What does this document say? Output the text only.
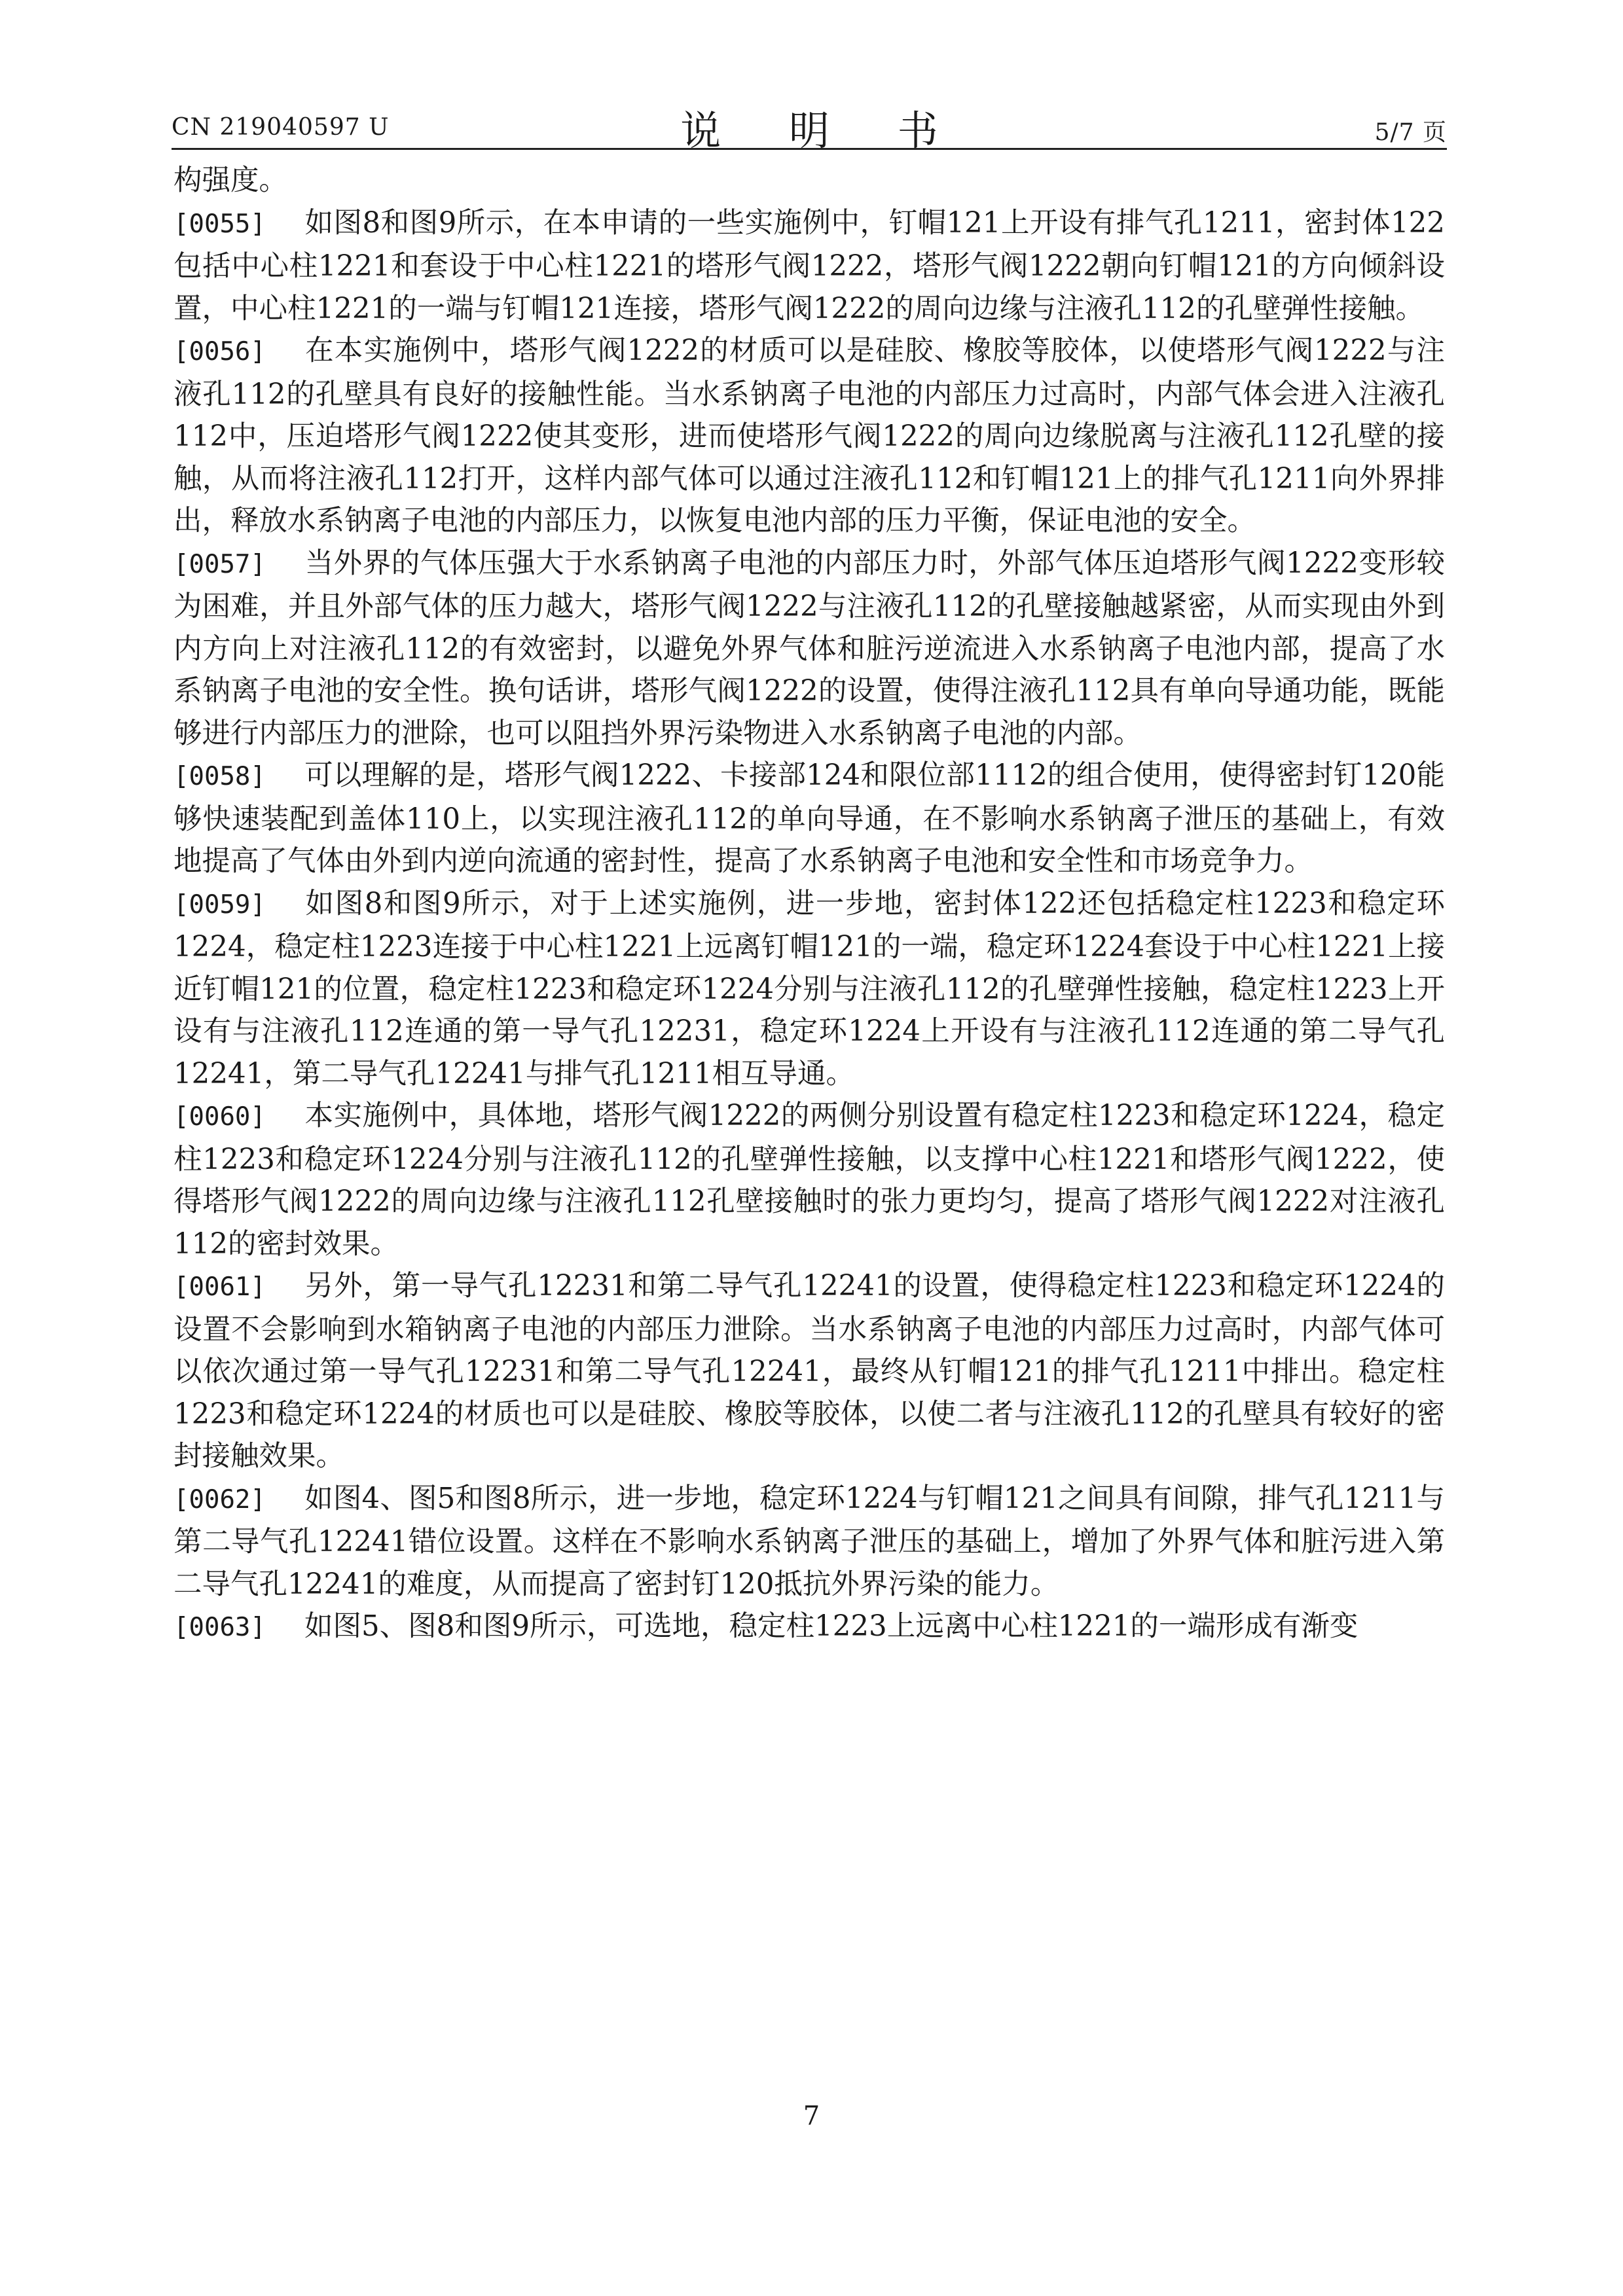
CN 219040597 U	说 明 书	5/7 页

构强度。

[0055] 如图8和图9所示，在本申请的一些实施例中，钉帽121上开设有排气孔1211，密封体122包括中心柱1221和套设于中心柱1221的塔形气阀1222，塔形气阀1222朝向钉帽121的方向倾斜设置，中心柱1221的一端与钉帽121连接，塔形气阀1222的周向边缘与注液孔112的孔壁弹性接触。

[0056] 在本实施例中，塔形气阀1222的材质可以是硅胶、橡胶等胶体，以使塔形气阀1222与注液孔112的孔壁具有良好的接触性能。当水系钠离子电池的内部压力过高时，内部气体会进入注液孔112中，压迫塔形气阀1222使其变形，进而使塔形气阀1222的周向边缘脱离与注液孔112孔壁的接触，从而将注液孔112打开，这样内部气体可以通过注液孔112和钉帽121上的排气孔1211向外界排出，释放水系钠离子电池的内部压力，以恢复电池内部的压力平衡，保证电池的安全。

[0057] 当外界的气体压强大于水系钠离子电池的内部压力时，外部气体压迫塔形气阀1222变形较为困难，并且外部气体的压力越大，塔形气阀1222与注液孔112的孔壁接触越紧密，从而实现由外到内方向上对注液孔112的有效密封，以避免外界气体和脏污逆流进入水系钠离子电池内部，提高了水系钠离子电池的安全性。换句话讲，塔形气阀1222的设置，使得注液孔112具有单向导通功能，既能够进行内部压力的泄除，也可以阻挡外界污染物进入水系钠离子电池的内部。

[0058] 可以理解的是，塔形气阀1222、卡接部124和限位部1112的组合使用，使得密封钉120能够快速装配到盖体110上，以实现注液孔112的单向导通，在不影响水系钠离子泄压的基础上，有效地提高了气体由外到内逆向流通的密封性，提高了水系钠离子电池和安全性和市场竞争力。

[0059] 如图8和图9所示，对于上述实施例，进一步地，密封体122还包括稳定柱1223和稳定环1224，稳定柱1223连接于中心柱1221上远离钉帽121的一端，稳定环1224套设于中心柱1221上接近钉帽121的位置，稳定柱1223和稳定环1224分别与注液孔112的孔壁弹性接触，稳定柱1223上开设有与注液孔112连通的第一导气孔12231，稳定环1224上开设有与注液孔112连通的第二导气孔12241，第二导气孔12241与排气孔1211相互导通。

[0060] 本实施例中，具体地，塔形气阀1222的两侧分别设置有稳定柱1223和稳定环1224，稳定柱1223和稳定环1224分别与注液孔112的孔壁弹性接触，以支撑中心柱1221和塔形气阀1222，使得塔形气阀1222的周向边缘与注液孔112孔壁接触时的张力更均匀，提高了塔形气阀1222对注液孔112的密封效果。

[0061] 另外，第一导气孔12231和第二导气孔12241的设置，使得稳定柱1223和稳定环1224的设置不会影响到水箱钠离子电池的内部压力泄除。当水系钠离子电池的内部压力过高时，内部气体可以依次通过第一导气孔12231和第二导气孔12241，最终从钉帽121的排气孔1211中排出。稳定柱1223和稳定环1224的材质也可以是硅胶、橡胶等胶体，以使二者与注液孔112的孔壁具有较好的密封接触效果。

[0062] 如图4、图5和图8所示，进一步地，稳定环1224与钉帽121之间具有间隙，排气孔1211与第二导气孔12241错位设置。这样在不影响水系钠离子泄压的基础上，增加了外界气体和脏污进入第二导气孔12241的难度，从而提高了密封钉120抵抗外界污染的能力。

[0063] 如图5、图8和图9所示，可选地，稳定柱1223上远离中心柱1221的一端形成有渐变

7
